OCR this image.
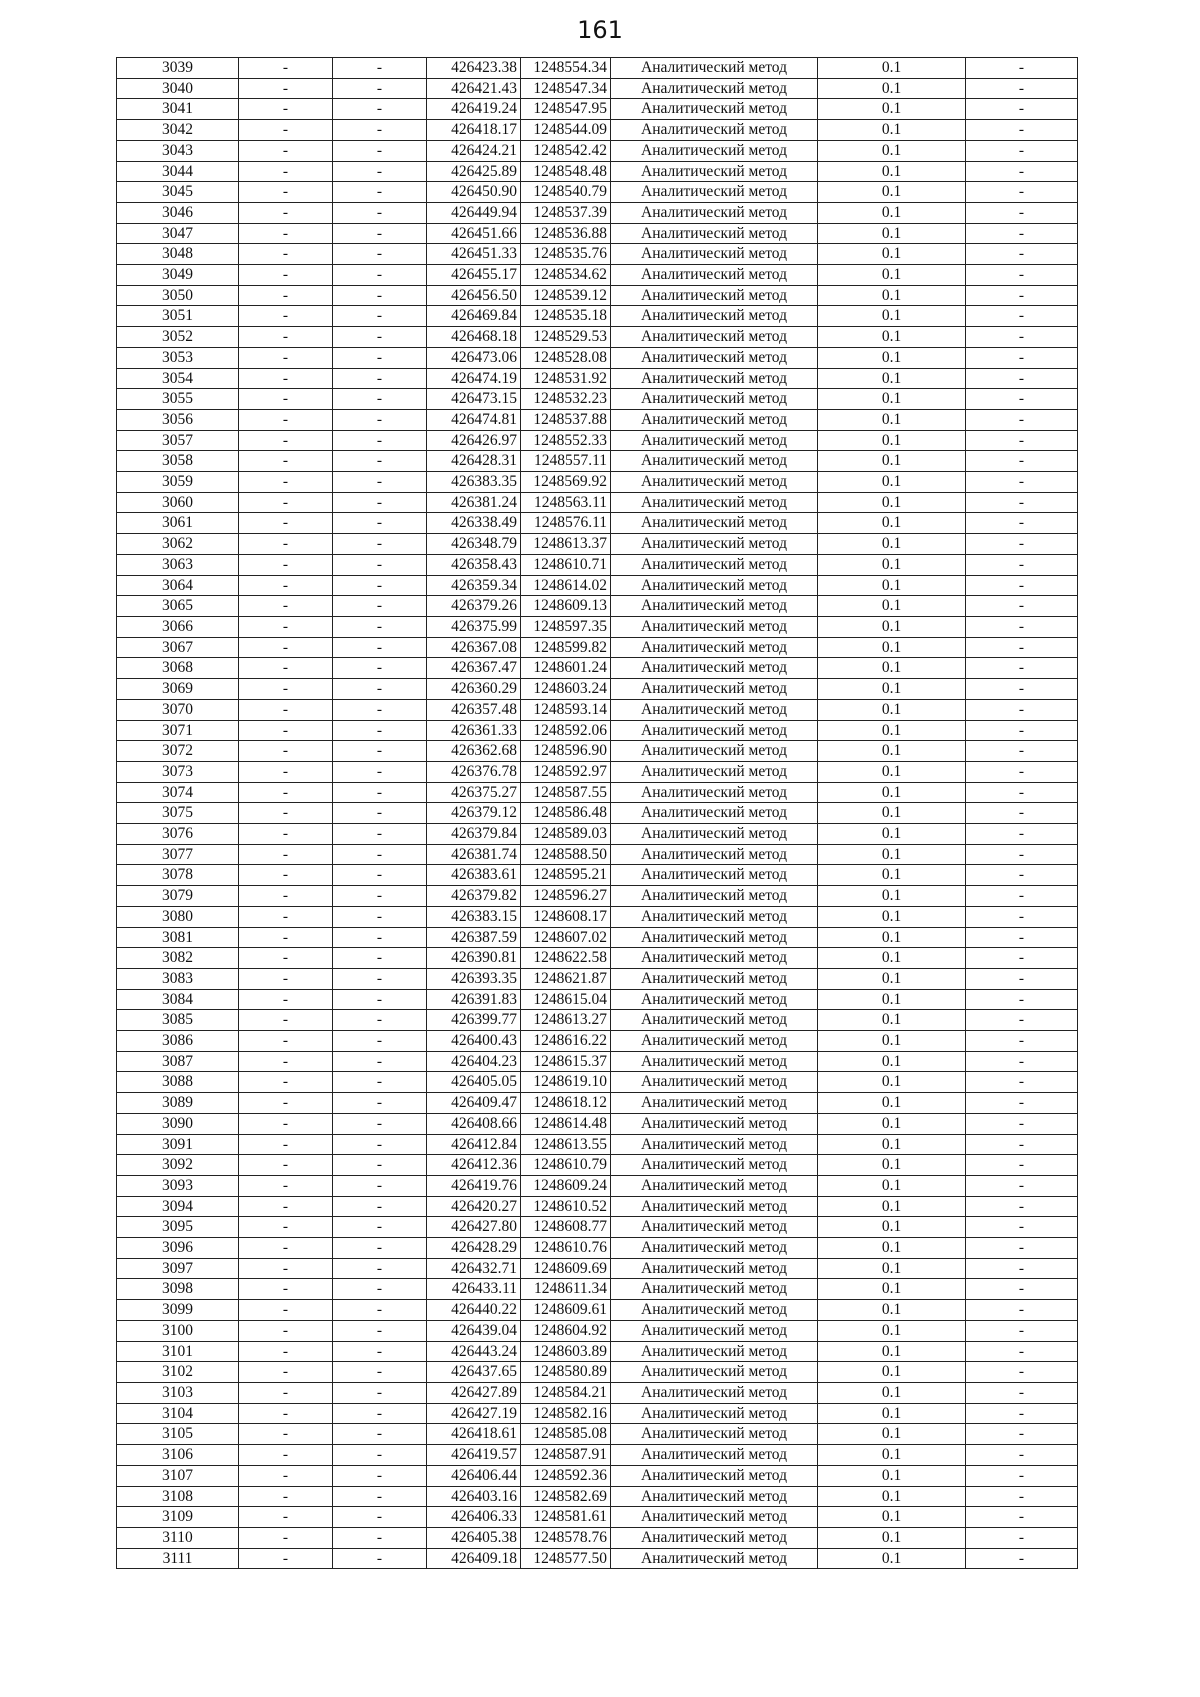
161
3039	-	-	426423.38	1248554.34	Аналитический метод	0.1	-
3040	-	-	426421.43	1248547.34	Аналитический метод	0.1	-
3041	-	-	426419.24	1248547.95	Аналитический метод	0.1	-
3042	-	-	426418.17	1248544.09	Аналитический метод	0.1	-
3043	-	-	426424.21	1248542.42	Аналитический метод	0.1	-
3044	-	-	426425.89	1248548.48	Аналитический метод	0.1	-
3045	-	-	426450.90	1248540.79	Аналитический метод	0.1	-
3046	-	-	426449.94	1248537.39	Аналитический метод	0.1	-
3047	-	-	426451.66	1248536.88	Аналитический метод	0.1	-
3048	-	-	426451.33	1248535.76	Аналитический метод	0.1	-
3049	-	-	426455.17	1248534.62	Аналитический метод	0.1	-
3050	-	-	426456.50	1248539.12	Аналитический метод	0.1	-
3051	-	-	426469.84	1248535.18	Аналитический метод	0.1	-
3052	-	-	426468.18	1248529.53	Аналитический метод	0.1	-
3053	-	-	426473.06	1248528.08	Аналитический метод	0.1	-
3054	-	-	426474.19	1248531.92	Аналитический метод	0.1	-
3055	-	-	426473.15	1248532.23	Аналитический метод	0.1	-
3056	-	-	426474.81	1248537.88	Аналитический метод	0.1	-
3057	-	-	426426.97	1248552.33	Аналитический метод	0.1	-
3058	-	-	426428.31	1248557.11	Аналитический метод	0.1	-
3059	-	-	426383.35	1248569.92	Аналитический метод	0.1	-
3060	-	-	426381.24	1248563.11	Аналитический метод	0.1	-
3061	-	-	426338.49	1248576.11	Аналитический метод	0.1	-
3062	-	-	426348.79	1248613.37	Аналитический метод	0.1	-
3063	-	-	426358.43	1248610.71	Аналитический метод	0.1	-
3064	-	-	426359.34	1248614.02	Аналитический метод	0.1	-
3065	-	-	426379.26	1248609.13	Аналитический метод	0.1	-
3066	-	-	426375.99	1248597.35	Аналитический метод	0.1	-
3067	-	-	426367.08	1248599.82	Аналитический метод	0.1	-
3068	-	-	426367.47	1248601.24	Аналитический метод	0.1	-
3069	-	-	426360.29	1248603.24	Аналитический метод	0.1	-
3070	-	-	426357.48	1248593.14	Аналитический метод	0.1	-
3071	-	-	426361.33	1248592.06	Аналитический метод	0.1	-
3072	-	-	426362.68	1248596.90	Аналитический метод	0.1	-
3073	-	-	426376.78	1248592.97	Аналитический метод	0.1	-
3074	-	-	426375.27	1248587.55	Аналитический метод	0.1	-
3075	-	-	426379.12	1248586.48	Аналитический метод	0.1	-
3076	-	-	426379.84	1248589.03	Аналитический метод	0.1	-
3077	-	-	426381.74	1248588.50	Аналитический метод	0.1	-
3078	-	-	426383.61	1248595.21	Аналитический метод	0.1	-
3079	-	-	426379.82	1248596.27	Аналитический метод	0.1	-
3080	-	-	426383.15	1248608.17	Аналитический метод	0.1	-
3081	-	-	426387.59	1248607.02	Аналитический метод	0.1	-
3082	-	-	426390.81	1248622.58	Аналитический метод	0.1	-
3083	-	-	426393.35	1248621.87	Аналитический метод	0.1	-
3084	-	-	426391.83	1248615.04	Аналитический метод	0.1	-
3085	-	-	426399.77	1248613.27	Аналитический метод	0.1	-
3086	-	-	426400.43	1248616.22	Аналитический метод	0.1	-
3087	-	-	426404.23	1248615.37	Аналитический метод	0.1	-
3088	-	-	426405.05	1248619.10	Аналитический метод	0.1	-
3089	-	-	426409.47	1248618.12	Аналитический метод	0.1	-
3090	-	-	426408.66	1248614.48	Аналитический метод	0.1	-
3091	-	-	426412.84	1248613.55	Аналитический метод	0.1	-
3092	-	-	426412.36	1248610.79	Аналитический метод	0.1	-
3093	-	-	426419.76	1248609.24	Аналитический метод	0.1	-
3094	-	-	426420.27	1248610.52	Аналитический метод	0.1	-
3095	-	-	426427.80	1248608.77	Аналитический метод	0.1	-
3096	-	-	426428.29	1248610.76	Аналитический метод	0.1	-
3097	-	-	426432.71	1248609.69	Аналитический метод	0.1	-
3098	-	-	426433.11	1248611.34	Аналитический метод	0.1	-
3099	-	-	426440.22	1248609.61	Аналитический метод	0.1	-
3100	-	-	426439.04	1248604.92	Аналитический метод	0.1	-
3101	-	-	426443.24	1248603.89	Аналитический метод	0.1	-
3102	-	-	426437.65	1248580.89	Аналитический метод	0.1	-
3103	-	-	426427.89	1248584.21	Аналитический метод	0.1	-
3104	-	-	426427.19	1248582.16	Аналитический метод	0.1	-
3105	-	-	426418.61	1248585.08	Аналитический метод	0.1	-
3106	-	-	426419.57	1248587.91	Аналитический метод	0.1	-
3107	-	-	426406.44	1248592.36	Аналитический метод	0.1	-
3108	-	-	426403.16	1248582.69	Аналитический метод	0.1	-
3109	-	-	426406.33	1248581.61	Аналитический метод	0.1	-
3110	-	-	426405.38	1248578.76	Аналитический метод	0.1	-
3111	-	-	426409.18	1248577.50	Аналитический метод	0.1	-
